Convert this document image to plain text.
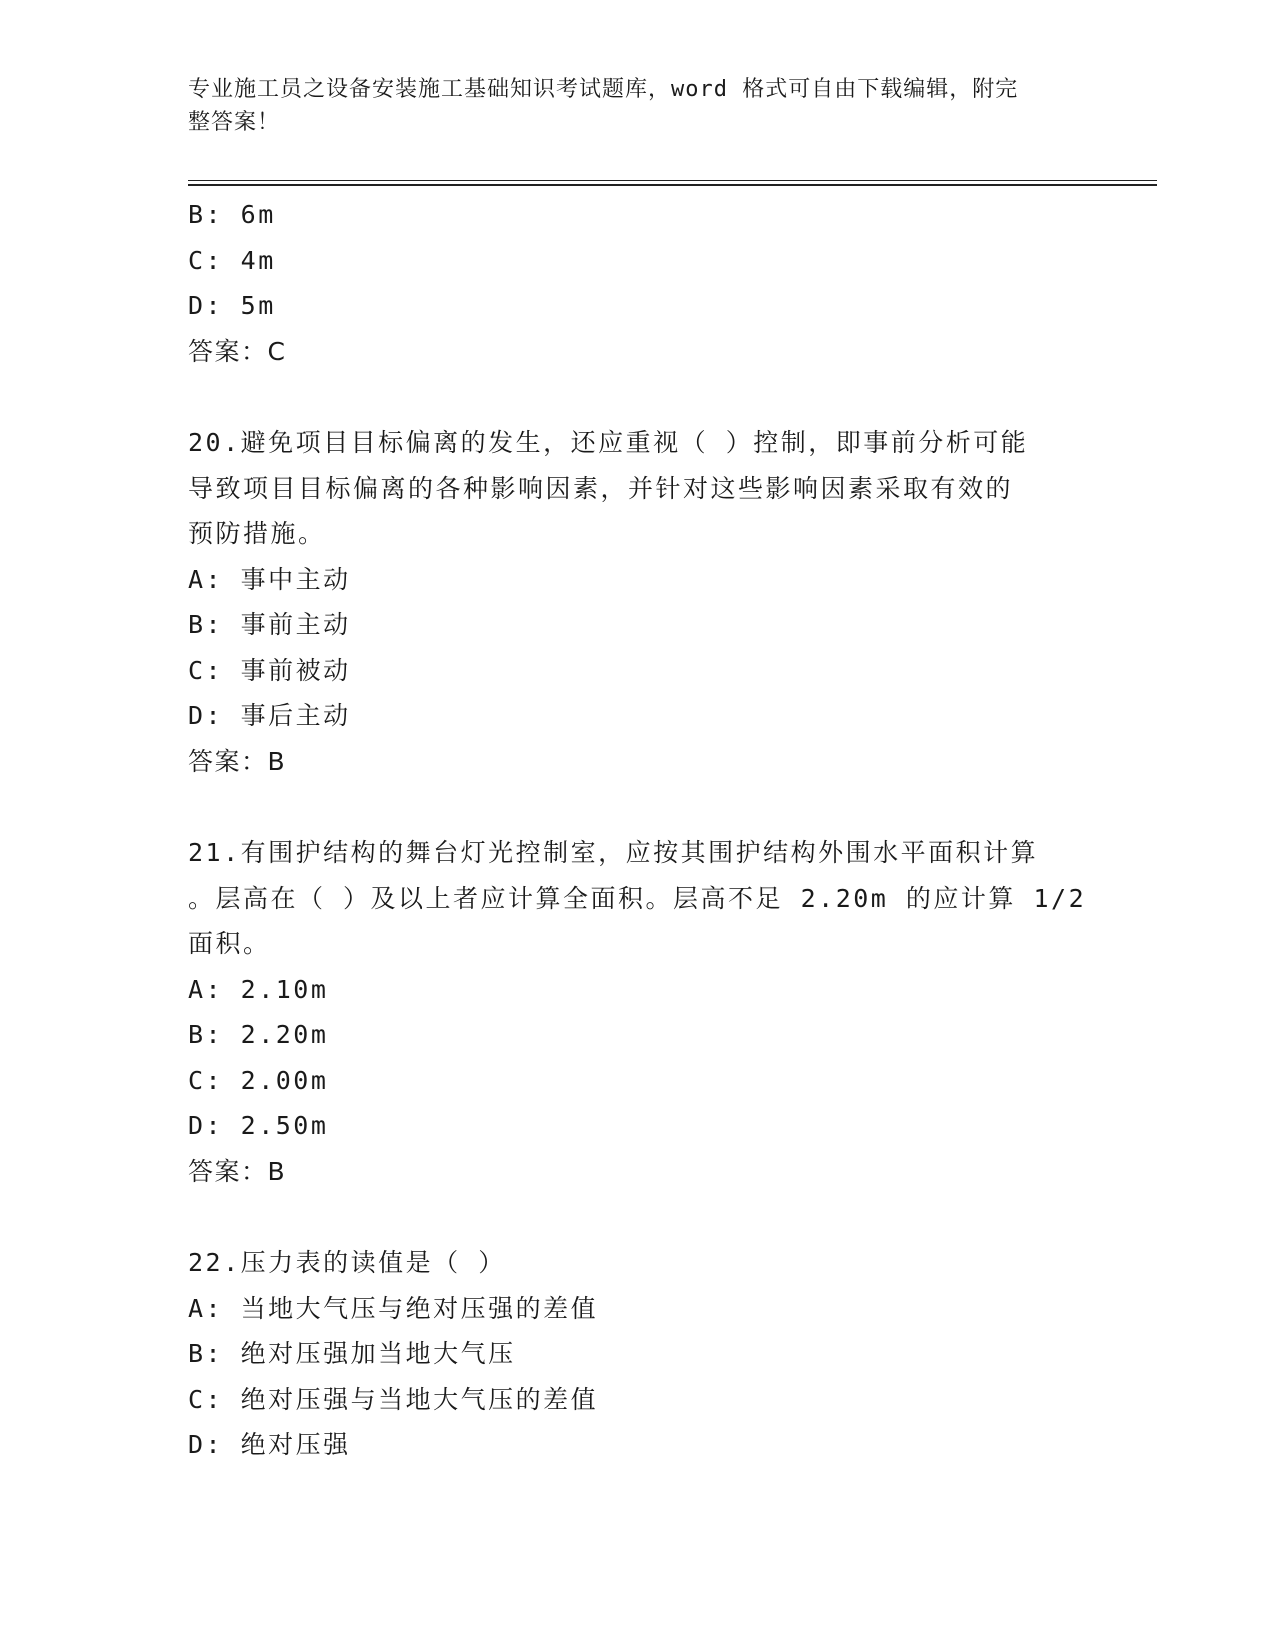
专业施工员之设备安装施工基础知识考试题库，word 格式可自由下载编辑，附完
整答案！
B: 6m
C: 4m
D: 5m
答案：C
20.避免项目目标偏离的发生，还应重视（ ）控制，即事前分析可能
导致项目目标偏离的各种影响因素，并针对这些影响因素采取有效的
预防措施。
A: 事中主动
B: 事前主动
C: 事前被动
D: 事后主动
答案：B
21.有围护结构的舞台灯光控制室，应按其围护结构外围水平面积计算
。层高在（ ）及以上者应计算全面积。层高不足 2.20m 的应计算 1/2
面积。
A: 2.10m
B: 2.20m
C: 2.00m
D: 2.50m
答案：B
22.压力表的读值是（ ）
A: 当地大气压与绝对压强的差值
B: 绝对压强加当地大气压
C: 绝对压强与当地大气压的差值
D: 绝对压强
